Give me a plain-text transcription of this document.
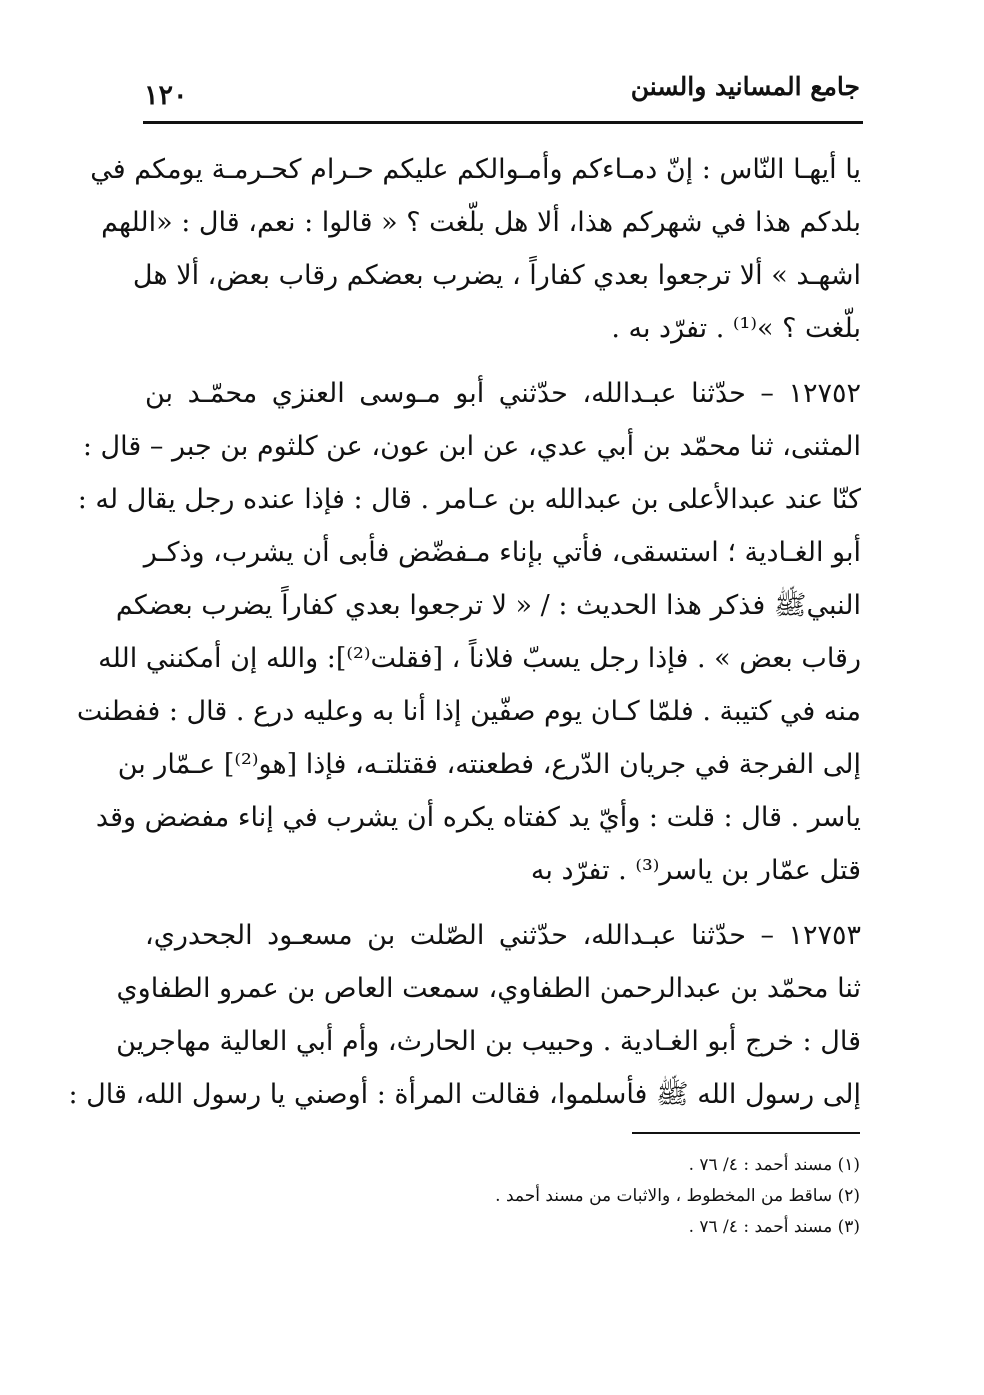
جامع المسانيد والسنن
١٢٠
يا أيهـا النّاس : إنّ دمـاءكم وأمـوالكم عليكم حـرام كحـرمـة يومكم في
بلدكم هذا في شهركم هذا، ألا هل بلّغت ؟ « قالوا : نعم، قال : «اللهم
اشهـد » ألا ترجعوا بعدي كفاراً ، يضرب بعضكم رقاب بعض، ألا هل
بلّغت ؟ »⁽¹⁾ . تفرّد به .
١٢٧٥٢ – حدّثنا عبـدالله، حدّثني أبو مـوسى العنزي محمّـد بن
المثنى، ثنا محمّد بن أبي عدي، عن ابن عون، عن كلثوم بن جبر – قال :
كنّا عند عبدالأعلى بن عبدالله بن عـامر . قال : فإذا عنده رجل يقال له :
أبو الغـادية ؛ استسقى، فأتي بإناء مـفضّض فأبى أن يشرب، وذكـر
النبيﷺ فذكر هذا الحديث : / « لا ترجعوا بعدي كفاراً يضرب بعضكم
رقاب بعض » . فإذا رجل يسبّ فلاناً ، [فقلت⁽²⁾]: والله إن أمكنني الله
منه في كتيبة . فلمّا كـان يوم صفّين إذا أنا به وعليه درع . قال : ففطنت
إلى الفرجة في جريان الدّرع، فطعنته، فقتلتـه، فإذا [هو⁽²⁾] عـمّار بن
ياسر . قال : قلت : وأيّ يد كفتاه يكره أن يشرب في إناء مفضض وقد
قتل عمّار بن ياسر⁽³⁾ . تفرّد به
١٢٧٥٣ – حدّثنا عبـدالله، حدّثني الصّلت بن مسعـود الجحدري،
ثنا محمّد بن عبدالرحمن الطفاوي، سمعت العاص بن عمرو الطفاوي
قال : خرج أبو الغـادية . وحبيب بن الحارث، وأم أبي العالية مهاجرين
إلى رسول الله ﷺ فأسلموا، فقالت المرأة : أوصني يا رسول الله، قال :
(١) مسند أحمد : ٤/ ٧٦ .
(٢) ساقط من المخطوط ، والاثبات من مسند أحمد .
(٣) مسند أحمد : ٤/ ٧٦ .
